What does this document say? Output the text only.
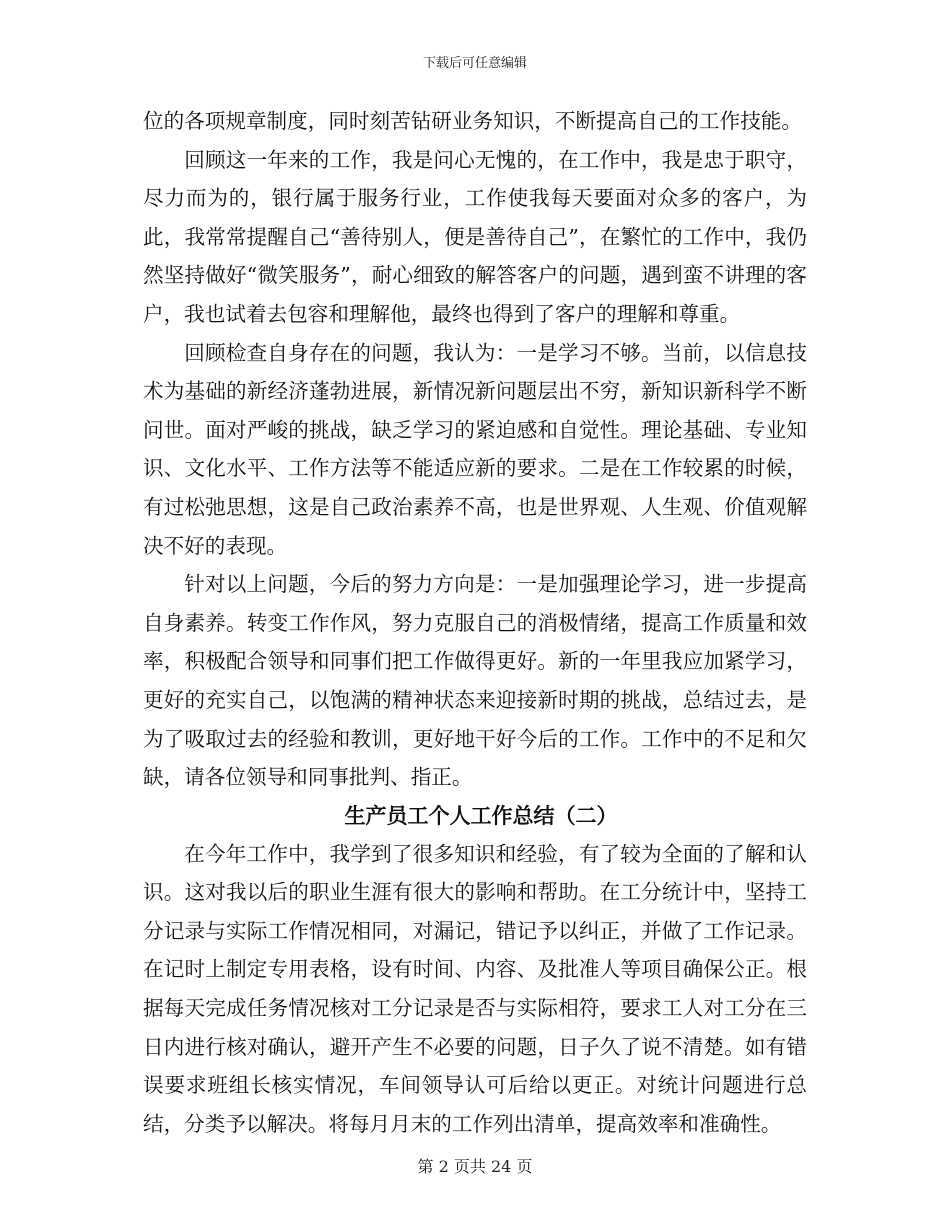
下载后可任意编辑

位的各项规章制度，同时刻苦钻研业务知识，不断提高自己的工作技能。

回顾这一年来的工作，我是问心无愧的，在工作中，我是忠于职守，尽力而为的，银行属于服务行业，工作使我每天要面对众多的客户，为此，我常常提醒自己“善待别人，便是善待自己”，在繁忙的工作中，我仍然坚持做好“微笑服务”，耐心细致的解答客户的问题，遇到蛮不讲理的客户，我也试着去包容和理解他，最终也得到了客户的理解和尊重。

回顾检查自身存在的问题，我认为：一是学习不够。当前，以信息技术为基础的新经济蓬勃进展，新情况新问题层出不穷，新知识新科学不断问世。面对严峻的挑战，缺乏学习的紧迫感和自觉性。理论基础、专业知识、文化水平、工作方法等不能适应新的要求。二是在工作较累的时候，有过松弛思想，这是自己政治素养不高，也是世界观、人生观、价值观解决不好的表现。

针对以上问题，今后的努力方向是：一是加强理论学习，进一步提高自身素养。转变工作作风，努力克服自己的消极情绪，提高工作质量和效率，积极配合领导和同事们把工作做得更好。新的一年里我应加紧学习，更好的充实自己，以饱满的精神状态来迎接新时期的挑战，总结过去，是为了吸取过去的经验和教训，更好地干好今后的工作。工作中的不足和欠缺，请各位领导和同事批判、指正。

生产员工个人工作总结（二）

在今年工作中，我学到了很多知识和经验，有了较为全面的了解和认识。这对我以后的职业生涯有很大的影响和帮助。在工分统计中，坚持工分记录与实际工作情况相同，对漏记，错记予以纠正，并做了工作记录。在记时上制定专用表格，设有时间、内容、及批准人等项目确保公正。根据每天完成任务情况核对工分记录是否与实际相符，要求工人对工分在三日内进行核对确认，避开产生不必要的问题，日子久了说不清楚。如有错误要求班组长核实情况，车间领导认可后给以更正。对统计问题进行总结，分类予以解决。将每月月末的工作列出清单，提高效率和准确性。

第 2 页共 24 页
